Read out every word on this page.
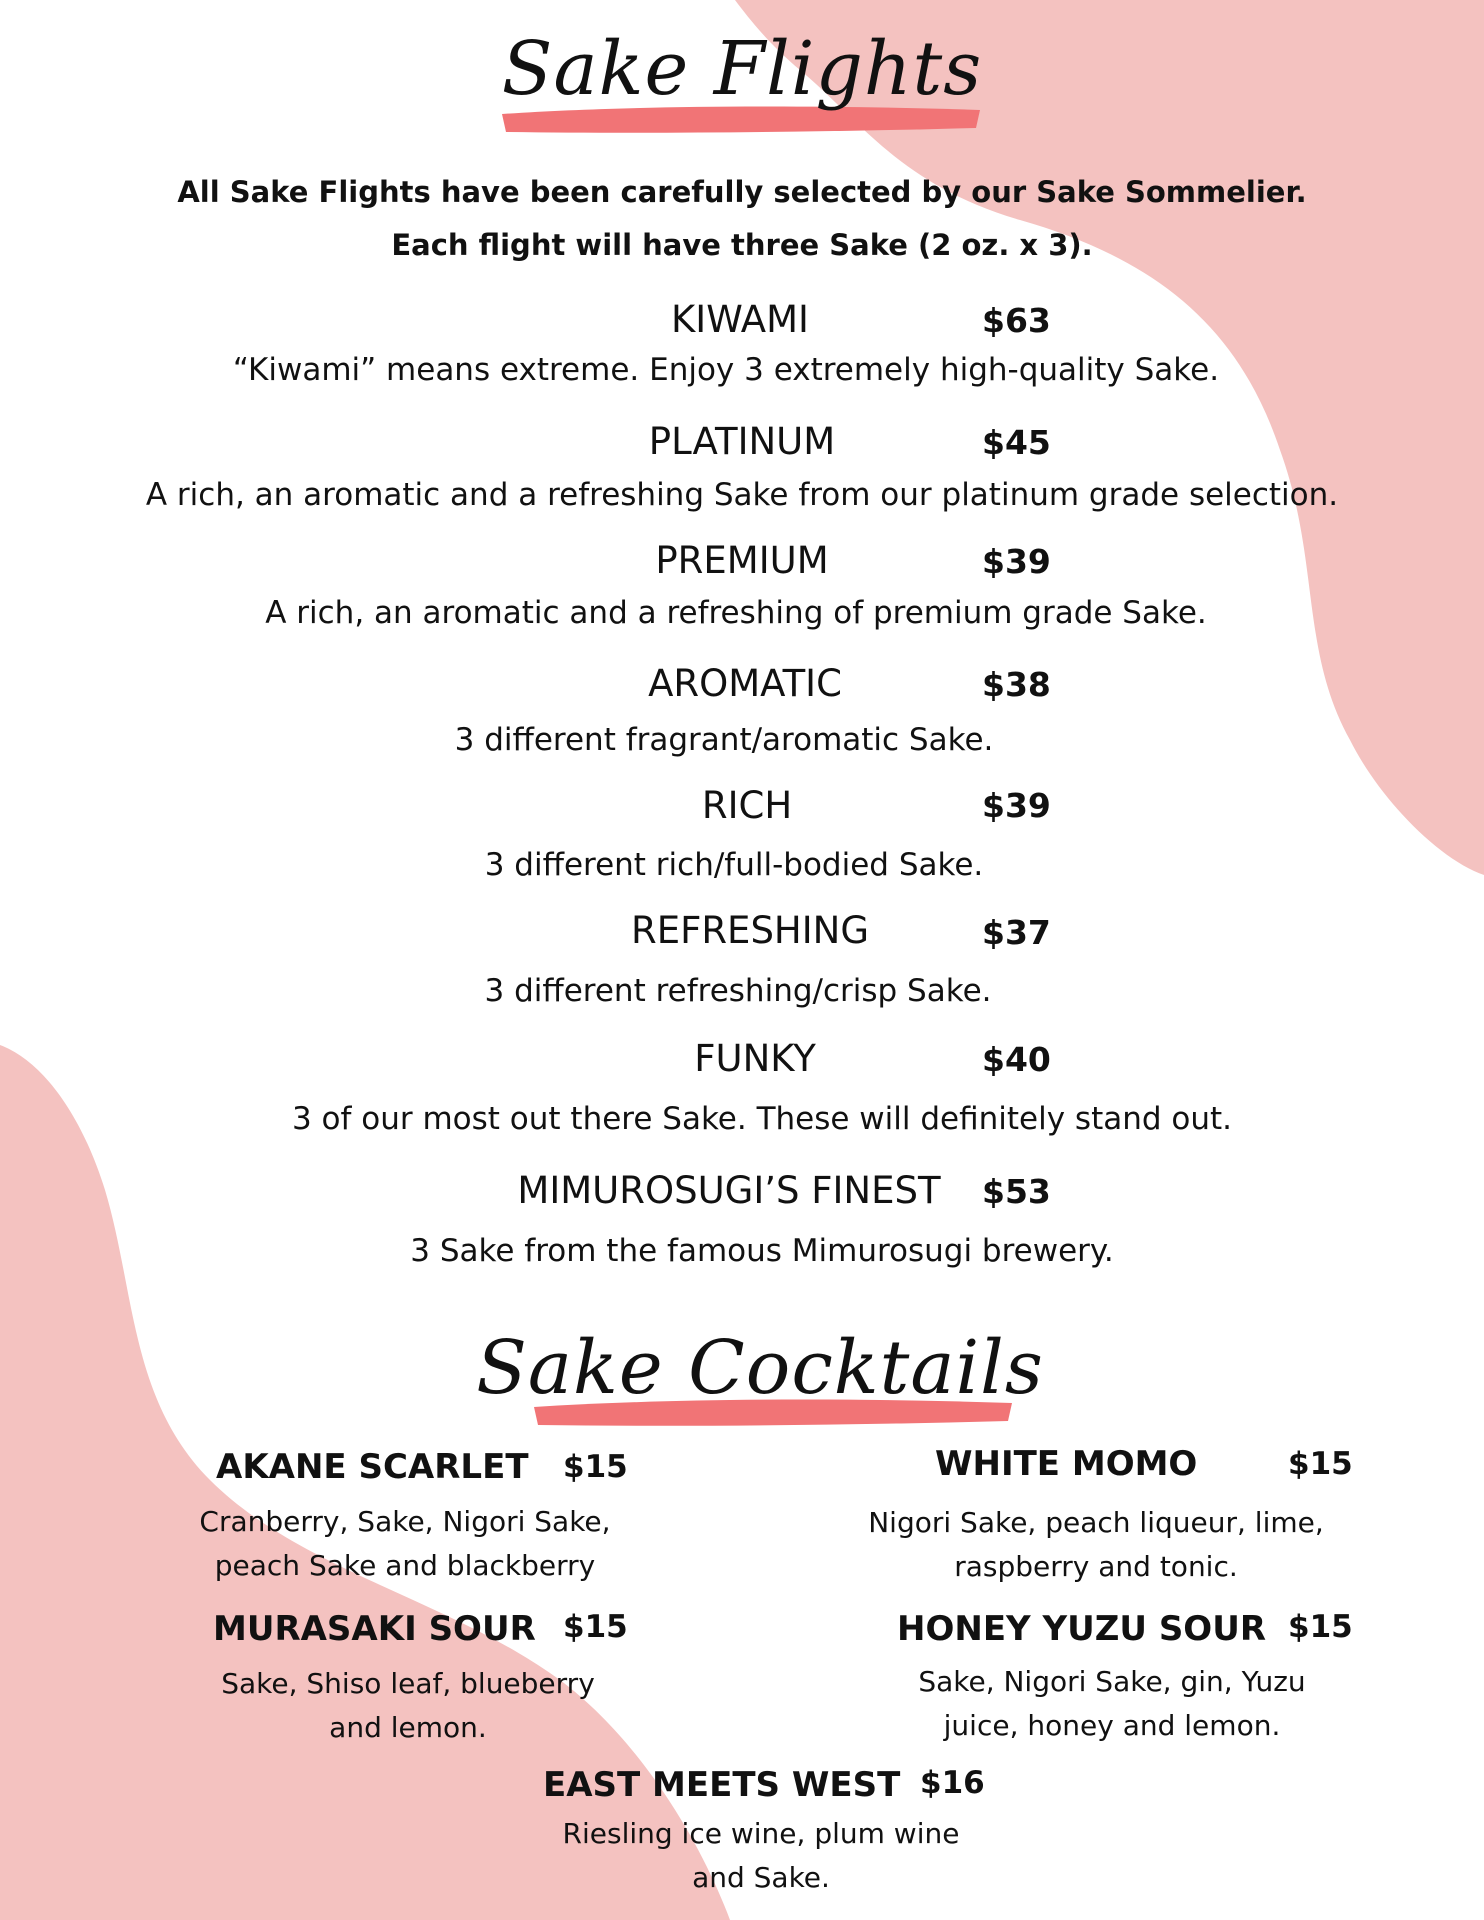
Sake Flights
All Sake Flights have been carefully selected by our Sake Sommelier.
Each flight will have three Sake (2 oz. x 3).
KIWAMI	$63
“Kiwami” means extreme. Enjoy 3 extremely high-quality Sake.
PLATINUM	$45
A rich, an aromatic and a refreshing Sake from our platinum grade selection.
PREMIUM	$39
A rich, an aromatic and a refreshing of premium grade Sake.
AROMATIC	$38
3 different fragrant/aromatic Sake.
RICH	$39
3 different rich/full-bodied Sake.
REFRESHING	$37
3 different refreshing/crisp Sake.
FUNKY	$40
3 of our most out there Sake. These will definitely stand out.
MIMUROSUGI’S FINEST	$53
3 Sake from the famous Mimurosugi brewery.
Sake Cocktails
AKANE SCARLET $15
Cranberry, Sake, Nigori Sake,
peach Sake and blackberry
WHITE MOMO	$15
Nigori Sake, peach liqueur, lime,
raspberry and tonic.
MURASAKI SOUR $15
Sake, Shiso leaf, blueberry
and lemon.
HONEY YUZU SOUR $15
Sake, Nigori Sake, gin, Yuzu
juice, honey and lemon.
EAST MEETS WEST $16
Riesling ice wine, plum wine
and Sake.
